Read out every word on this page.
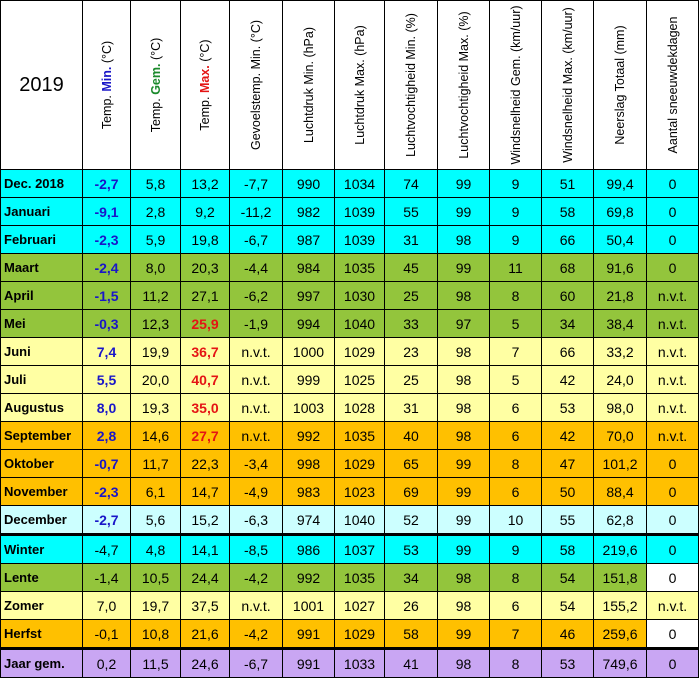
2019	Temp. Min. (°C)	Temp. Gem. (°C)	Temp. Max. (°C)	Gevoelstemp. Min. (°C)	Luchtdruk Min. (hPa)	Luchtdruk Max. (hPa)	Luchtvochtigheid Min. (%)	Luchtvochtigheid Max. (%)	Windsnelheid Gem. (km/uur)	Windsnelheid Max. (km/uur)	Neerslag Totaal (mm)	Aantal sneeuwdekdagen

Dec. 2018	-2,7	5,8	13,2	-7,7	990	1034	74	99	9	51	99,4	0
Januari	-9,1	2,8	9,2	-11,2	982	1039	55	99	9	58	69,8	0
Februari	-2,3	5,9	19,8	-6,7	987	1039	31	98	9	66	50,4	0
Maart	-2,4	8,0	20,3	-4,4	984	1035	45	99	11	68	91,6	0
April	-1,5	11,2	27,1	-6,2	997	1030	25	98	8	60	21,8	n.v.t.
Mei	-0,3	12,3	25,9	-1,9	994	1040	33	97	5	34	38,4	n.v.t.
Juni	7,4	19,9	36,7	n.v.t.	1000	1029	23	98	7	66	33,2	n.v.t.
Juli	5,5	20,0	40,7	n.v.t.	999	1025	25	98	5	42	24,0	n.v.t.
Augustus	8,0	19,3	35,0	n.v.t.	1003	1028	31	98	6	53	98,0	n.v.t.
September	2,8	14,6	27,7	n.v.t.	992	1035	40	98	6	42	70,0	n.v.t.
Oktober	-0,7	11,7	22,3	-3,4	998	1029	65	99	8	47	101,2	0
November	-2,3	6,1	14,7	-4,9	983	1023	69	99	6	50	88,4	0
December	-2,7	5,6	15,2	-6,3	974	1040	52	99	10	55	62,8	0
Winter	-4,7	4,8	14,1	-8,5	986	1037	53	99	9	58	219,6	0
Lente	-1,4	10,5	24,4	-4,2	992	1035	34	98	8	54	151,8	0
Zomer	7,0	19,7	37,5	n.v.t.	1001	1027	26	98	6	54	155,2	n.v.t.
Herfst	-0,1	10,8	21,6	-4,2	991	1029	58	99	7	46	259,6	0
Jaar gem.	0,2	11,5	24,6	-6,7	991	1033	41	98	8	53	749,6	0
